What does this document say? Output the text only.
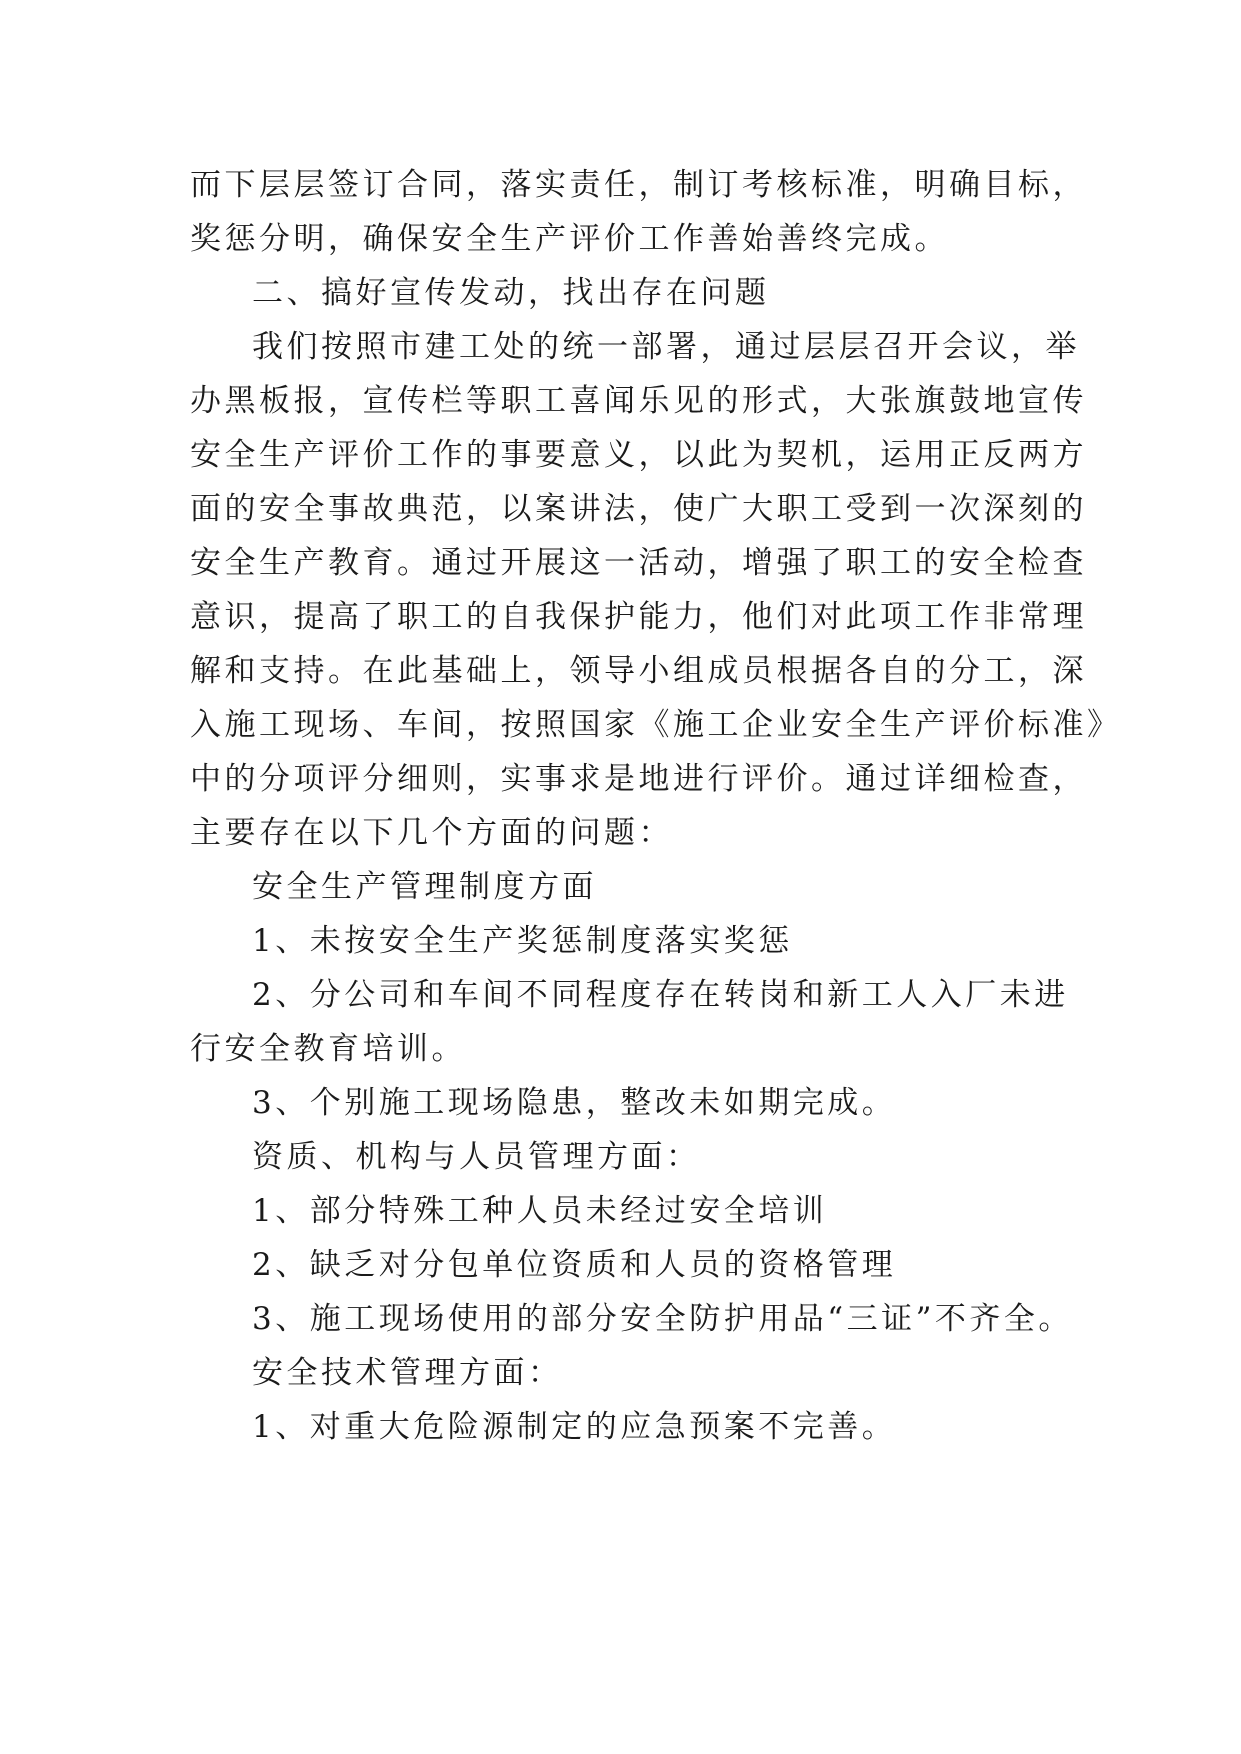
而下层层签订合同，落实责任，制订考核标准，明确目标，
奖惩分明，确保安全生产评价工作善始善终完成。
二、搞好宣传发动，找出存在问题
我们按照市建工处的统一部署，通过层层召开会议，举
办黑板报，宣传栏等职工喜闻乐见的形式，大张旗鼓地宣传
安全生产评价工作的事要意义，以此为契机，运用正反两方
面的安全事故典范，以案讲法，使广大职工受到一次深刻的
安全生产教育。通过开展这一活动，增强了职工的安全检查
意识，提高了职工的自我保护能力，他们对此项工作非常理
解和支持。在此基础上，领导小组成员根据各自的分工，深
入施工现场、车间，按照国家《施工企业安全生产评价标准》
中的分项评分细则，实事求是地进行评价。通过详细检查，
主要存在以下几个方面的问题：
安全生产管理制度方面
1、未按安全生产奖惩制度落实奖惩
2、分公司和车间不同程度存在转岗和新工人入厂未进
行安全教育培训。
3、个别施工现场隐患，整改未如期完成。
资质、机构与人员管理方面：
1、部分特殊工种人员未经过安全培训
2、缺乏对分包单位资质和人员的资格管理
3、施工现场使用的部分安全防护用品“三证”不齐全。
安全技术管理方面：
1、对重大危险源制定的应急预案不完善。
